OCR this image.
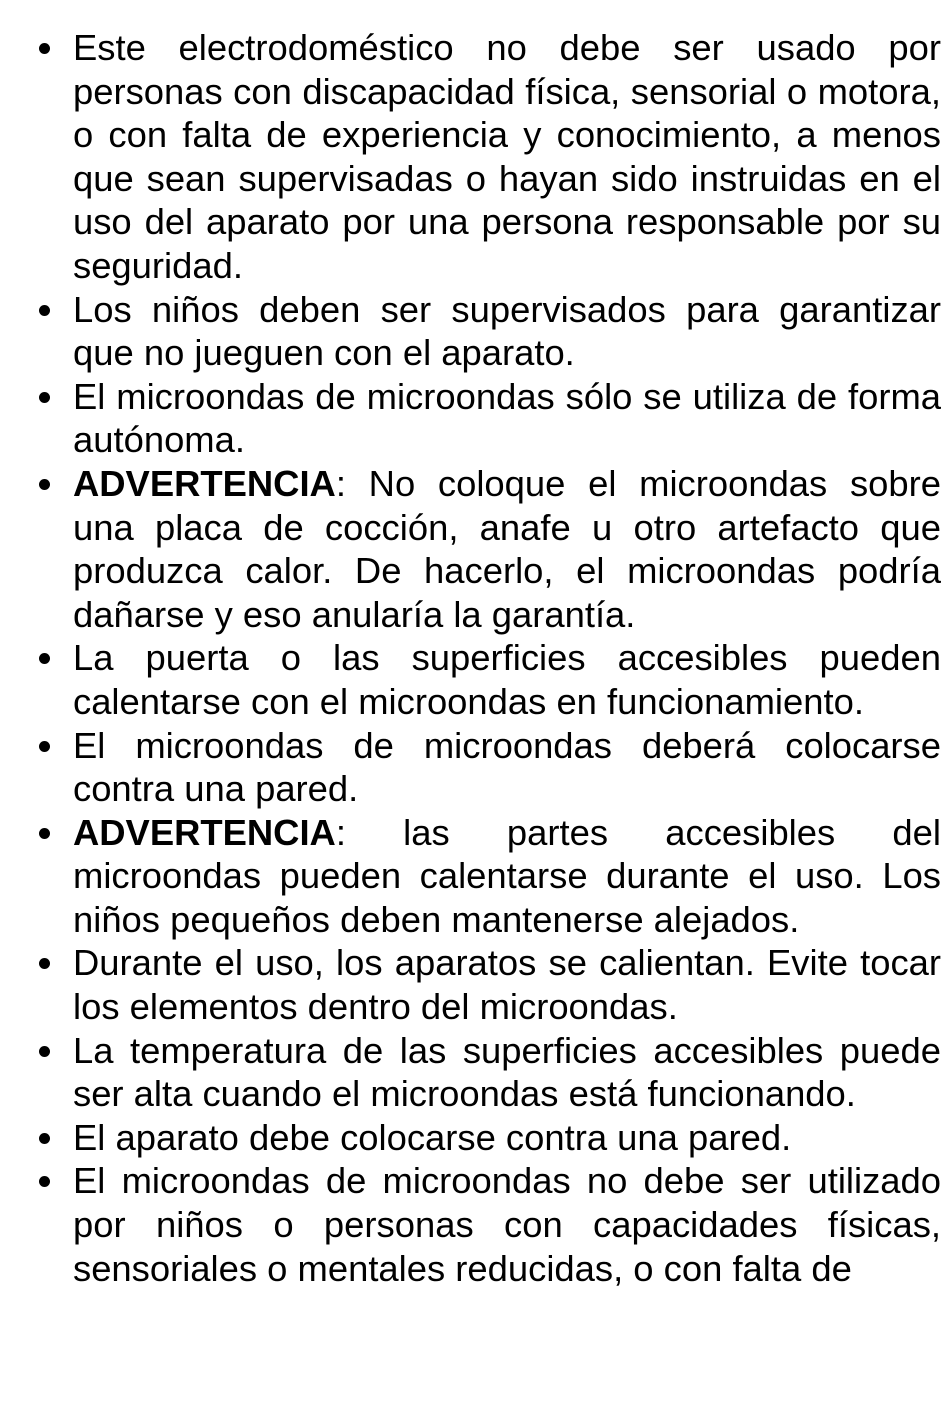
Este electrodoméstico no debe ser usado por personas con discapacidad física, sensorial o motora, o con falta de experiencia y conocimiento, a menos que sean supervisadas o hayan sido instruidas en el uso del aparato por una persona responsable por su seguridad.
Los niños deben ser supervisados para garantizar que no jueguen con el aparato.
El microondas de microondas sólo se utiliza de forma autónoma.
ADVERTENCIA: No coloque el microondas sobre una placa de cocción, anafe u otro artefacto que produzca calor. De hacerlo, el microondas podría dañarse y eso anularía la garantía.
La puerta o las superficies accesibles pueden calentarse con el microondas en funcionamiento.
El microondas de microondas deberá colocarse contra una pared.
ADVERTENCIA: las partes accesibles del microondas pueden calentarse durante el uso. Los niños pequeños deben mantenerse alejados.
Durante el uso, los aparatos se calientan. Evite tocar los elementos dentro del microondas.
La temperatura de las superficies accesibles puede ser alta cuando el microondas está funcionando.
El aparato debe colocarse contra una pared.
El microondas de microondas no debe ser utilizado por niños o personas con capacidades físicas, sensoriales o mentales reducidas, o con falta de
